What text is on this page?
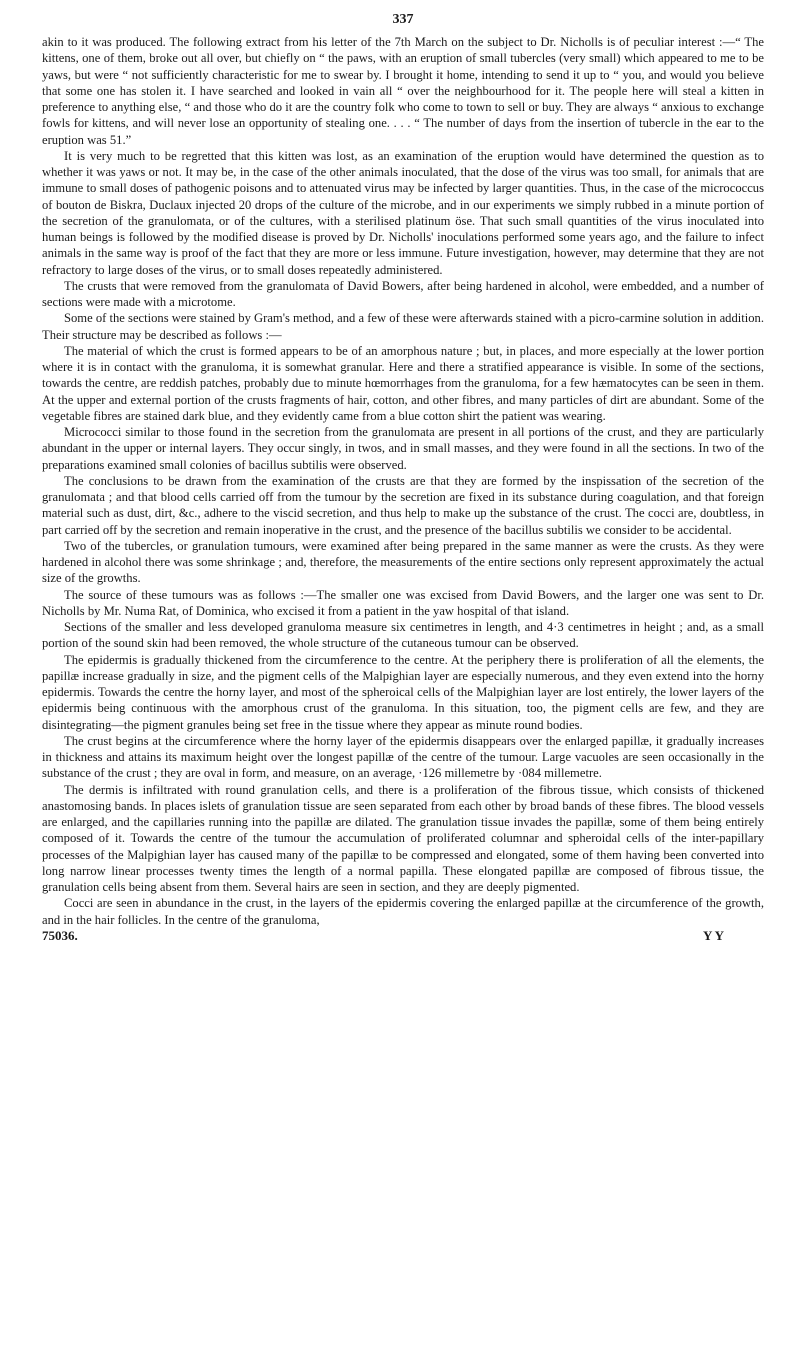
337

akin to it was produced. The following extract from his letter of the 7th March on the subject to Dr. Nicholls is of peculiar interest :—“ The kittens, one of them, broke out all over, but chiefly on “ the paws, with an eruption of small tubercles (very small) which appeared to me to be yaws, but were “ not sufficiently characteristic for me to swear by. I brought it home, intending to send it up to “ you, and would you believe that some one has stolen it. I have searched and looked in vain all “ over the neighbourhood for it. The people here will steal a kitten in preference to anything else, “ and those who do it are the country folk who come to town to sell or buy. They are always “ anxious to exchange fowls for kittens, and will never lose an opportunity of stealing one. . . . “ The number of days from the insertion of tubercle in the ear to the eruption was 51.”

It is very much to be regretted that this kitten was lost, as an examination of the eruption would have determined the question as to whether it was yaws or not. It may be, in the case of the other animals inoculated, that the dose of the virus was too small, for animals that are immune to small doses of pathogenic poisons and to attenuated virus may be infected by larger quantities. Thus, in the case of the micrococcus of bouton de Biskra, Duclaux injected 20 drops of the culture of the microbe, and in our experiments we simply rubbed in a minute portion of the secretion of the granulomata, or of the cultures, with a sterilised platinum öse. That such small quantities of the virus inoculated into human beings is followed by the modified disease is proved by Dr. Nicholls' inoculations performed some years ago, and the failure to infect animals in the same way is proof of the fact that they are more or less immune. Future investigation, however, may determine that they are not refractory to large doses of the virus, or to small doses repeatedly administered.

The crusts that were removed from the granulomata of David Bowers, after being hardened in alcohol, were embedded, and a number of sections were made with a microtome.

Some of the sections were stained by Gram's method, and a few of these were afterwards stained with a picro-carmine solution in addition. Their structure may be described as follows :—

The material of which the crust is formed appears to be of an amorphous nature ; but, in places, and more especially at the lower portion where it is in contact with the granuloma, it is somewhat granular. Here and there a stratified appearance is visible. In some of the sections, towards the centre, are reddish patches, probably due to minute hœmorrhages from the granuloma, for a few hæmatocytes can be seen in them. At the upper and external portion of the crusts fragments of hair, cotton, and other fibres, and many particles of dirt are abundant. Some of the vegetable fibres are stained dark blue, and they evidently came from a blue cotton shirt the patient was wearing.

Micrococci similar to those found in the secretion from the granulomata are present in all portions of the crust, and they are particularly abundant in the upper or internal layers. They occur singly, in twos, and in small masses, and they were found in all the sections. In two of the preparations examined small colonies of bacillus subtilis were observed.

The conclusions to be drawn from the examination of the crusts are that they are formed by the inspissation of the secretion of the granulomata ; and that blood cells carried off from the tumour by the secretion are fixed in its substance during coagulation, and that foreign material such as dust, dirt, &c., adhere to the viscid secretion, and thus help to make up the substance of the crust. The cocci are, doubtless, in part carried off by the secretion and remain inoperative in the crust, and the presence of the bacillus subtilis we consider to be accidental.

Two of the tubercles, or granulation tumours, were examined after being prepared in the same manner as were the crusts. As they were hardened in alcohol there was some shrinkage ; and, therefore, the measurements of the entire sections only represent approximately the actual size of the growths.

The source of these tumours was as follows :—The smaller one was excised from David Bowers, and the larger one was sent to Dr. Nicholls by Mr. Numa Rat, of Dominica, who excised it from a patient in the yaw hospital of that island.

Sections of the smaller and less developed granuloma measure six centimetres in length, and 4·3 centimetres in height ; and, as a small portion of the sound skin had been removed, the whole structure of the cutaneous tumour can be observed.

The epidermis is gradually thickened from the circumference to the centre. At the periphery there is proliferation of all the elements, the papillæ increase gradually in size, and the pigment cells of the Malpighian layer are especially numerous, and they even extend into the horny epidermis. Towards the centre the horny layer, and most of the spheroical cells of the Malpighian layer are lost entirely, the lower layers of the epidermis being continuous with the amorphous crust of the granuloma. In this situation, too, the pigment cells are few, and they are disintegrating—the pigment granules being set free in the tissue where they appear as minute round bodies.

The crust begins at the circumference where the horny layer of the epidermis disappears over the enlarged papillæ, it gradually increases in thickness and attains its maximum height over the longest papillæ of the centre of the tumour. Large vacuoles are seen occasionally in the substance of the crust ; they are oval in form, and measure, on an average, ·126 millemetre by ·084 millemetre.

The dermis is infiltrated with round granulation cells, and there is a proliferation of the fibrous tissue, which consists of thickened anastomosing bands. In places islets of granulation tissue are seen separated from each other by broad bands of these fibres. The blood vessels are enlarged, and the capillaries running into the papillæ are dilated. The granulation tissue invades the papillæ, some of them being entirely composed of it. Towards the centre of the tumour the accumulation of proliferated columnar and spheroidal cells of the inter-papillary processes of the Malpighian layer has caused many of the papillæ to be compressed and elongated, some of them having been converted into long narrow linear processes twenty times the length of a normal papilla. These elongated papillæ are composed of fibrous tissue, the granulation cells being absent from them. Several hairs are seen in section, and they are deeply pigmented.

Cocci are seen in abundance in the crust, in the layers of the epidermis covering the enlarged papillæ at the circumference of the growth, and in the hair follicles. In the centre of the granuloma,

75036.	Y Y
